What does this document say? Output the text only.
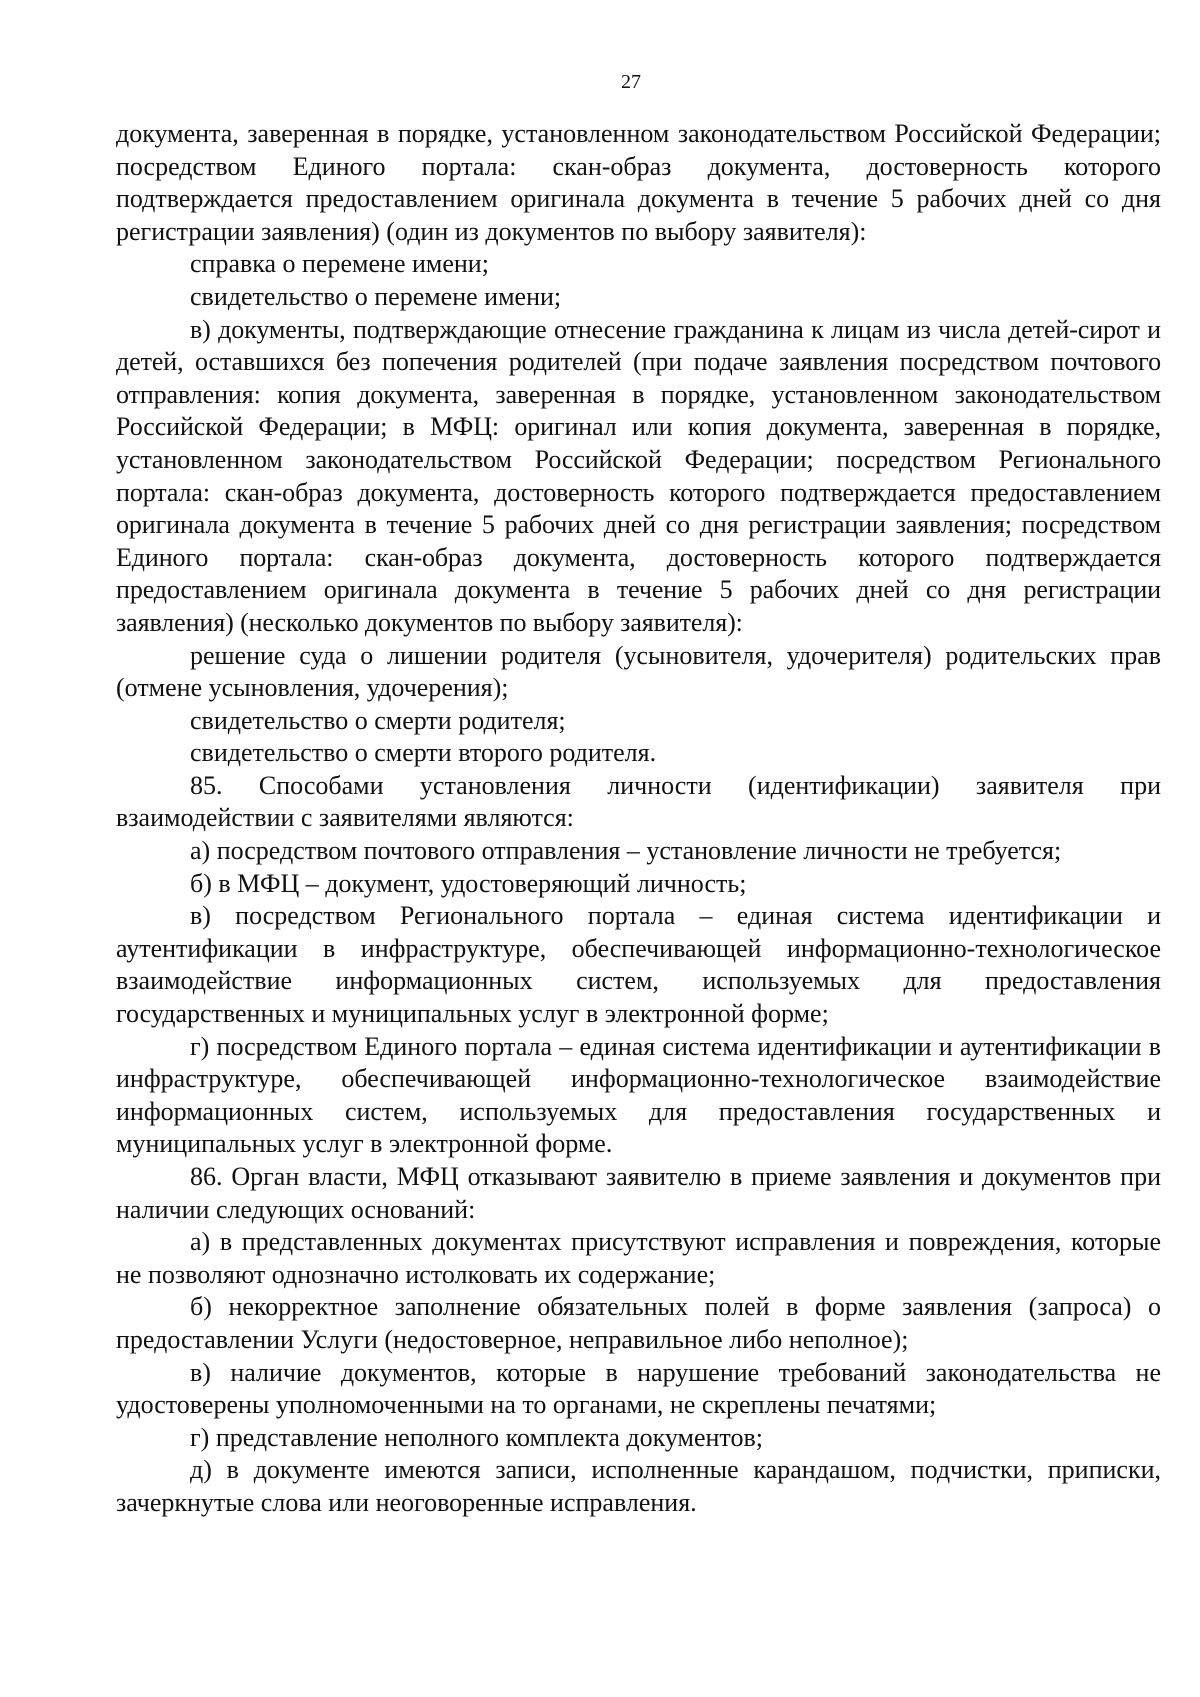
27

документа, заверенная в порядке, установленном законодательством Российской Федерации; посредством Единого портала: скан-образ документа, достоверность которого подтверждается предоставлением оригинала документа в течение 5 рабочих дней со дня регистрации заявления) (один из документов по выбору заявителя):

справка о перемене имени;

свидетельство о перемене имени;

в) документы, подтверждающие отнесение гражданина к лицам из числа детей-сирот и детей, оставшихся без попечения родителей (при подаче заявления посредством почтового отправления: копия документа, заверенная в порядке, установленном законодательством Российской Федерации; в МФЦ: оригинал или копия документа, заверенная в порядке, установленном законодательством Российской Федерации; посредством Регионального портала: скан-образ документа, достоверность которого подтверждается предоставлением оригинала документа в течение 5 рабочих дней со дня регистрации заявления; посредством Единого портала: скан-образ документа, достоверность которого подтверждается предоставлением оригинала документа в течение 5 рабочих дней со дня регистрации заявления) (несколько документов по выбору заявителя):

решение суда о лишении родителя (усыновителя, удочерителя) родительских прав (отмене усыновления, удочерения);

свидетельство о смерти родителя;

свидетельство о смерти второго родителя.

85. Способами установления личности (идентификации) заявителя при взаимодействии с заявителями являются:

а) посредством почтового отправления – установление личности не требуется;

б) в МФЦ – документ, удостоверяющий личность;

в) посредством Регионального портала – единая система идентификации и аутентификации в инфраструктуре, обеспечивающей информационно-технологическое взаимодействие информационных систем, используемых для предоставления государственных и муниципальных услуг в электронной форме;

г) посредством Единого портала – единая система идентификации и аутентификации в инфраструктуре, обеспечивающей информационно-технологическое взаимодействие информационных систем, используемых для предоставления государственных и муниципальных услуг в электронной форме.

86. Орган власти, МФЦ отказывают заявителю в приеме заявления и документов при наличии следующих оснований:

а) в представленных документах присутствуют исправления и повреждения, которые не позволяют однозначно истолковать их содержание;

б) некорректное заполнение обязательных полей в форме заявления (запроса) о предоставлении Услуги (недостоверное, неправильное либо неполное);

в) наличие документов, которые в нарушение требований законодательства не удостоверены уполномоченными на то органами, не скреплены печатями;

г) представление неполного комплекта документов;

д) в документе имеются записи, исполненные карандашом, подчистки, приписки, зачеркнутые слова или неоговоренные исправления.
